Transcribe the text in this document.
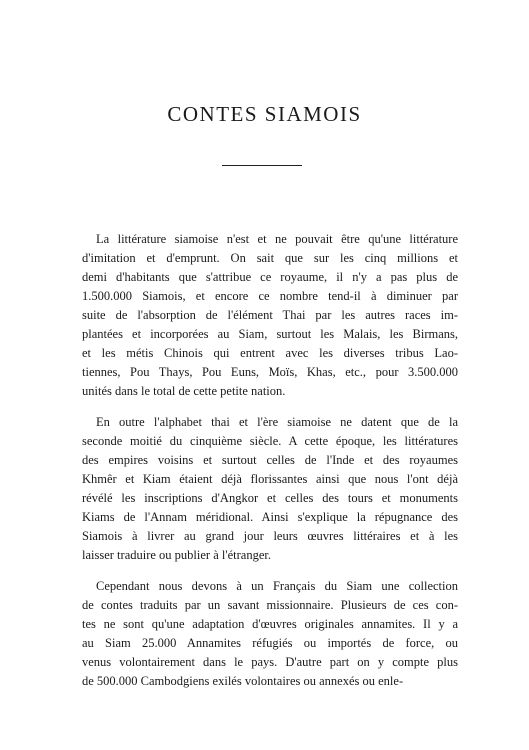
CONTES SIAMOIS
La littérature siamoise n'est et ne pouvait être qu'une littérature
d'imitation et d'emprunt. On sait que sur les cinq millions et
demi d'habitants que s'attribue ce royaume, il n'y a pas plus de
1.500.000 Siamois, et encore ce nombre tend-il à diminuer par
suite de l'absorption de l'élément Thai par les autres races im-
plantées et incorporées au Siam, surtout les Malais, les Birmans,
et les métis Chinois qui entrent avec les diverses tribus Lao-
tiennes, Pou Thays, Pou Euns, Moïs, Khas, etc., pour 3.500.000
unités dans le total de cette petite nation.
En outre l'alphabet thai et l'ère siamoise ne datent que de la
seconde moitié du cinquième siècle. A cette époque, les littératures
des empires voisins et surtout celles de l'Inde et des royaumes
Khmêr et Kiam étaient déjà florissantes ainsi que nous l'ont déjà
révélé les inscriptions d'Angkor et celles des tours et monuments
Kiams de l'Annam méridional. Ainsi s'explique la répugnance des
Siamois à livrer au grand jour leurs œuvres littéraires et à les
laisser traduire ou publier à l'étranger.
Cependant nous devons à un Français du Siam une collection
de contes traduits par un savant missionnaire. Plusieurs de ces con-
tes ne sont qu'une adaptation d'œuvres originales annamites. Il y a
au Siam 25.000 Annamites réfugiés ou importés de force, ou
venus volontairement dans le pays. D'autre part on y compte plus
de 500.000 Cambodgiens exilés volontaires ou annexés ou enle-
